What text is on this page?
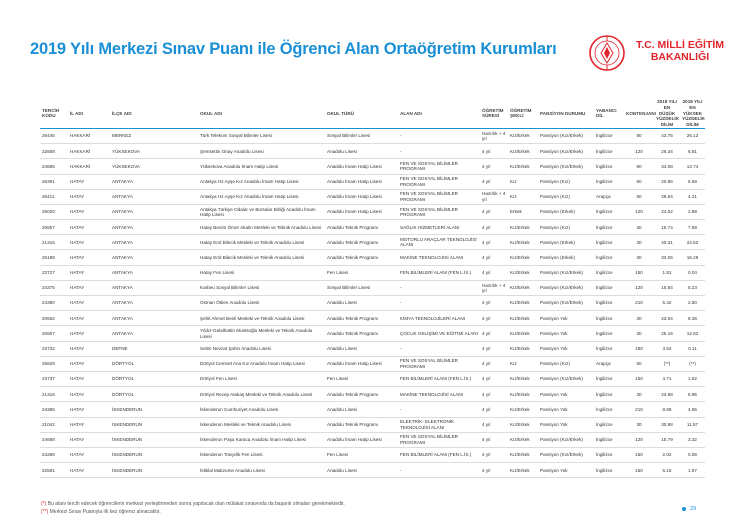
2019 Yılı Merkezi Sınav Puanı ile Öğrenci Alan Ortaöğretim Kurumları	T.C. MİLLİ EĞİTİM
BAKANLIĞI
TERCİH KODU	İL ADI	İLÇE ADI	OKUL ADI	OKUL TÜRÜ	ALAN ADI	ÖĞRETİM SÜRESİ	ÖĞRETİM ŞEKLİ	PANSİYON DURUMU	YABANCI DİL	KONTENJANI	2018 YILI EN DÜŞÜK YÜZDELİK DİLİM	2018 YILI EN YÜKSEK YÜZDELİK DİLİM
26445	HAKKARİ	MERKEZ	Türk Telekom Sosyal Bilimler Lisesi	Sosyal Bilimler Lisesi	-	Hazırlık + 4 yıl	Kız/Erkek	Pansiyon (Kız/Erkek)	İngilizce	90	43.75	26.12
22608	HAKKARİ	YÜKSEKOVA	Şemsettin Onay Anadolu Lisesi	Anadolu Lisesi	-	4 yıl	Kız/Erkek	Pansiyon (Kız/Erkek)	İngilizce	120	26.34	6.81
24685	HAKKARİ	YÜKSEKOVA	Yüksekova Anadolu İmam Hatip Lisesi	Anadolu İmam Hatip Lisesi	FEN VE SOSYAL BİLİMLER PROGRAMI	4 yıl	Kız/Erkek	Pansiyon (Kız/Erkek)	İngilizce	90	34.08	13.74
26391	HATAY	ANTAKYA	Antakya Hz.Ayşe Kız Anadolu İmam Hatip Lisesi	Anadolu İmam Hatip Lisesi	FEN VE SOSYAL BİLİMLER PROGRAMI	4 yıl	Kız	Pansiyon (Kız)	İngilizce	60	20.86	5.58
26411	HATAY	ANTAKYA	Antakya Hz.Ayşe Kız Anadolu İmam Hatip Lisesi	Anadolu İmam Hatip Lisesi	FEN VE SOSYAL BİLİMLER PROGRAMI	Hazırlık + 4 yıl	Kız	Pansiyon (Kız)	Arapça	60	29.84	4.21
25020	HATAY	ANTAKYA	Antakya Türkiye Odalar ve Borsalar Birliği Anadolu İmam Hatip Lisesi	Anadolu İmam Hatip Lisesi	FEN VE SOSYAL BİLİMLER PROGRAMI	4 yıl	Erkek	Pansiyon (Erkek)	İngilizce	120	24.02	2.88
20657	HATAY	ANTAKYA	Hatay Benim Ömer Akalın Mesleki ve Teknik Anadolu Lisesi	Anadolu Teknik Programı	SAĞLIK HİZMETLERİ ALANI	4 yıl	Kız/Erkek	Pansiyon (Kız)	İngilizce	30	15.74	7.59
21315	HATAY	ANTAKYA	Hatay Erol Bilecik Mesleki ve Teknik Anadolu Lisesi	Anadolu Teknik Programı	MOTORLU ARAÇLAR TEKNOLOJİSİ ALANI	4 yıl	Kız/Erkek	Pansiyon (Erkek)	İngilizce	30	40.31	24.52
25188	HATAY	ANTAKYA	Hatay Erol Bilecik Mesleki ve Teknik Anadolu Lisesi	Anadolu Teknik Programı	MAKİNE TEKNOLOJİSİ ALANI	4 yıl	Kız/Erkek	Pansiyon (Erkek)	İngilizce	30	33.06	16.29
23727	HATAY	ANTAKYA	Hatay Fen Lisesi	Fen Lisesi	FEN BİLİMLERİ ALANI (FEN L.İS.)	4 yıl	Kız/Erkek	Pansiyon (Kız/Erkek)	İngilizce	150	1.81	0.04
24375	HATAY	ANTAKYA	Karbeu Sosyal Bilimler Lisesi	Sosyal Bilimler Lisesi	-	Hazırlık + 4 yıl	Kız/Erkek	Pansiyon (Kız/Erkek)	İngilizce	120	15.84	5.23
24380	HATAY	ANTAKYA	Osman Ötken Anadolu Lisesi	Anadolu Lisesi	-	4 yıl	Kız/Erkek	Pansiyon (Kız/Erkek)	İngilizce	210	5.42	2.50
20662	HATAY	ANTAKYA	Şehit Ahmet Benli Mesleki ve Teknik Anadolu Lisesi	Anadolu Teknik Programı	KİMYA TEKNOLOJİLERİ ALANI	4 yıl	Kız/Erkek	Pansiyon Yok	İngilizce	30	23.94	8.36
20667	HATAY	ANTAKYA	Yıldız-Gelalhattin Mustsoğlu Mesleki ve Teknik Anadolu Lisesi	Anadolu Teknik Programı	ÇOCUK GELİŞİMİ VE EĞİTİMİ ALANI	4 yıl	Kız/Erkek	Pansiyon Yok	İngilizce	30	25.16	12.82
23732	HATAY	DEFNE	Selim Nevzat Şahin Anadolu Lisesi	Anadolu Lisesi	-	4 yıl	Kız/Erkek	Pansiyon Yok	İngilizce	180	3.53	0.11
25829	HATAY	DÖRTYOL	Dörtyol Cemnet Ana Kız Anadolu İmam Hatip Lisesi	Anadolu İmam Hatip Lisesi	FEN VE SOSYAL BİLİMLER PROGRAMI	4 yıl	Kız	Pansiyon (Kız)	Arapça	60	(**)	(**)
23737	HATAY	DÖRTYOL	Dörtyol Fen Lisesi	Fen Lisesi	FEN BİLİMLERİ ALANI (FEN L.İS.)	4 yıl	Kız/Erkek	Pansiyon (Kız/Erkek)	İngilizce	150	4.71	1.52
21316	HATAY	DÖRTYOL	Dörtyol Recep Atakaş Mesleki ve Teknik Anadolu Lisesi	Anadolu Teknik Programı	MAKİNE TEKNOLOJİSİ ALANI	4 yıl	Kız/Erkek	Pansiyon Yok	İngilizce	30	23.88	6.95
24385	HATAY	İSKENDERUN	İskenderun Cumhuriyet Anadolu Lisesi	Anadolu Lisesi	-	4 yıl	Kız/Erkek	Pansiyon Yok	İngilizce	210	8.68	4.65
21042	HATAY	İSKENDERUN	İskenderun Mesleki ve Teknik Anadolu Lisesi	Anadolu Teknik Programı	ELEKTRİK- ELEKTRONİK TEKNOLOJİSİ ALANI	4 yıl	Kız/Erkek	Pansiyon Yok	İngilizce	30	30.88	11.57
24688	HATAY	İSKENDERUN	İskenderun Paşa Karaca Anadolu İmam Hatip Lisesi	Anadolu İmam Hatip Lisesi	FEN VE SOSYAL BİLİMLER PROGRAMI	4 yıl	Kız/Erkek	Pansiyon (Kız/Erkek)	İngilizce	120	15.79	3.32
24288	HATAY	İSKENDERUN	İskenderun Tosçelik Fen Lisesi	Fen Lisesi	FEN BİLİMLERİ ALANI (FEN L.İS.)	4 yıl	Kız/Erkek	Pansiyon (Kız/Erkek)	İngilizce	150	2.02	0.08
22591	HATAY	İSKENDERUN	İstiklal Makzume Anadolu Lisesi	Anadolu Lisesi	-	4 yıl	Kız/Erkek	Pansiyon Yok	İngilizce	150	6.15	1.87
(*) Bu alanı tercih edecek öğrencilerin merkezi yerleştirmeden sonra yapılacak olan mülakat sınavında da başarılı olmaları gerekmektedir.
(**) Merkezi Sınav Puanıyla ilk kez öğrenci alınacaktır.	29
